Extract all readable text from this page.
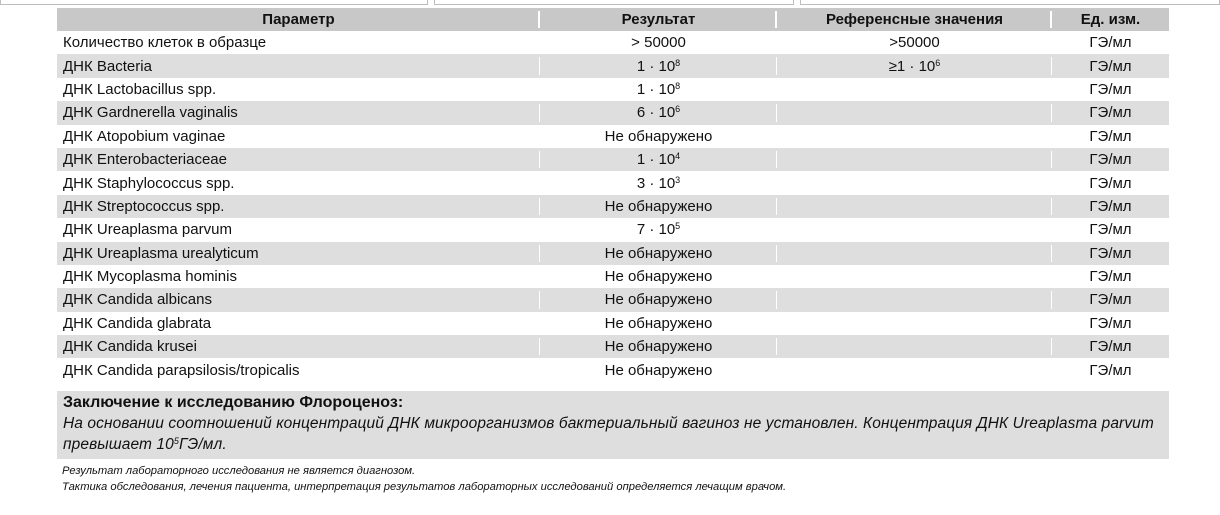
Параметр	Результат	Референсные значения	Ед. изм.
Количество клеток в образце	> 50000	>50000	ГЭ/мл
ДНК Bacteria	$1 \cdot 10^8$	$\ge 1 \cdot 10^6$	ГЭ/мл
ДНК Lactobacillus spp.	$1 \cdot 10^8$		ГЭ/мл
ДНК Gardnerella vaginalis	$6 \cdot 10^6$		ГЭ/мл
ДНК Atopobium vaginae	Не обнаружено		ГЭ/мл
ДНК Enterobacteriaceae	$1 \cdot 10^4$		ГЭ/мл
ДНК Staphylococcus spp.	$3 \cdot 10^3$		ГЭ/мл
ДНК Streptococcus spp.	Не обнаружено		ГЭ/мл
ДНК Ureaplasma parvum	$7 \cdot 10^5$		ГЭ/мл
ДНК Ureaplasma urealyticum	Не обнаружено		ГЭ/мл
ДНК Mycoplasma hominis	Не обнаружено		ГЭ/мл
ДНК Candida albicans	Не обнаружено		ГЭ/мл
ДНК Candida glabrata	Не обнаружено		ГЭ/мл
ДНК Candida krusei	Не обнаружено		ГЭ/мл
ДНК Candida parapsilosis/tropicalis	Не обнаружено		ГЭ/мл
Заключение к исследованию Флороценоз:
На основании соотношений концентраций ДНК микроорганизмов бактериальный вагиноз не установлен. Концентрация ДНК Ureaplasma parvum превышает $10^5ГЭ/мл$.
Результат лабораторного исследования не является диагнозом.
Тактика обследования, лечения пациента, интерпретация результатов лабораторных исследований определяется лечащим врачом.
